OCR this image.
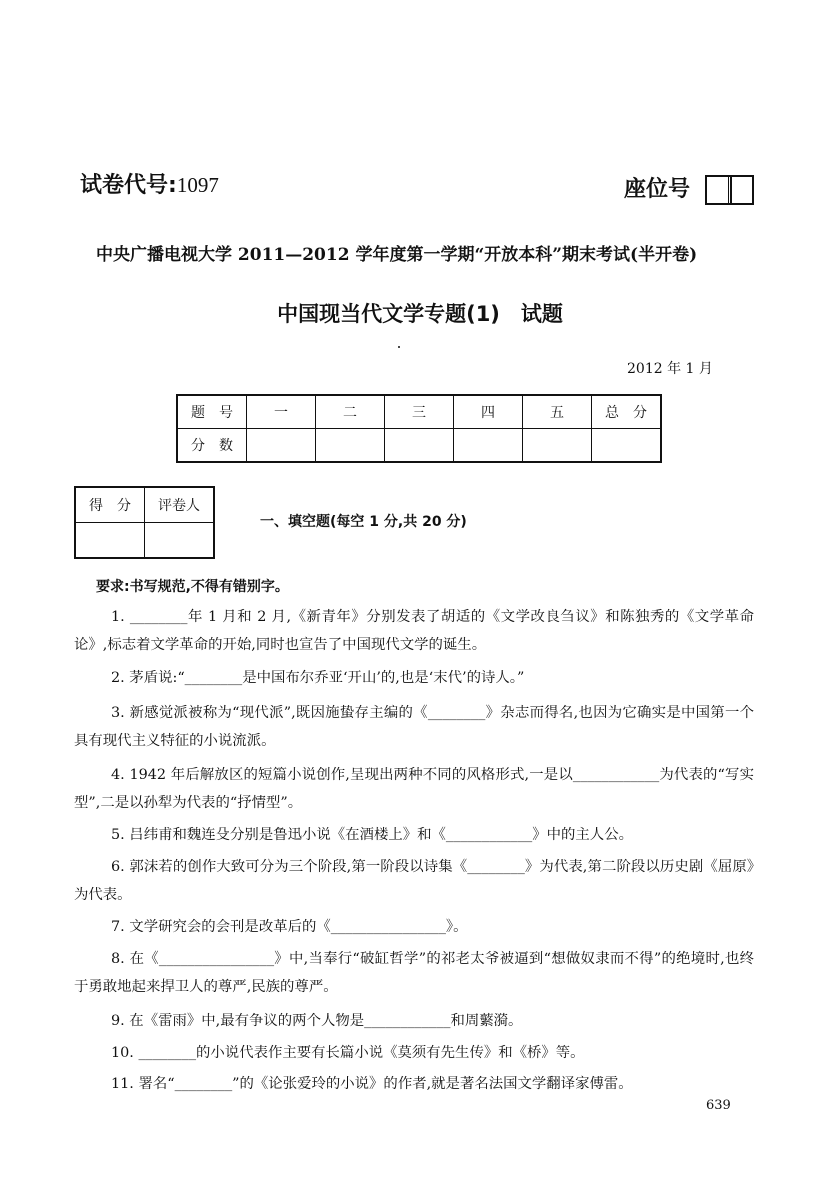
试卷代号:1097	座位号
中央广播电视大学 2011—2012 学年度第一学期“开放本科”期末考试(半开卷)
中国现当代文学专题(1)　试题
2012 年 1 月
题 号	一	二	三	四	五	总 分
分 数						
得 分	评卷人

一、填空题(每空 1 分,共 20 分)
要求:书写规范,不得有错别字。
1. ________年 1 月和 2 月,《新青年》分别发表了胡适的《文学改良刍议》和陈独秀的《文学革命论》,标志着文学革命的开始,同时也宣告了中国现代文学的诞生。
2. 茅盾说:“________是中国布尔乔亚‘开山’的,也是‘末代’的诗人。”
3. 新感觉派被称为“现代派”,既因施蛰存主编的《________》杂志而得名,也因为它确实是中国第一个具有现代主义特征的小说流派。
4. 1942 年后解放区的短篇小说创作,呈现出两种不同的风格形式,一是以____________为代表的“写实型”,二是以孙犁为代表的“抒情型”。
5. 吕纬甫和魏连殳分别是鲁迅小说《在酒楼上》和《____________》中的主人公。
6. 郭沫若的创作大致可分为三个阶段,第一阶段以诗集《________》为代表,第二阶段以历史剧《屈原》为代表。
7. 文学研究会的会刊是改革后的《________________》。
8. 在《________________》中,当奉行“破缸哲学”的祁老太爷被逼到“想做奴隶而不得”的绝境时,也终于勇敢地起来捍卫人的尊严,民族的尊严。
9. 在《雷雨》中,最有争议的两个人物是____________和周蘩漪。
10. ________的小说代表作主要有长篇小说《莫须有先生传》和《桥》等。
11. 署名“________”的《论张爱玲的小说》的作者,就是著名法国文学翻译家傅雷。
639
